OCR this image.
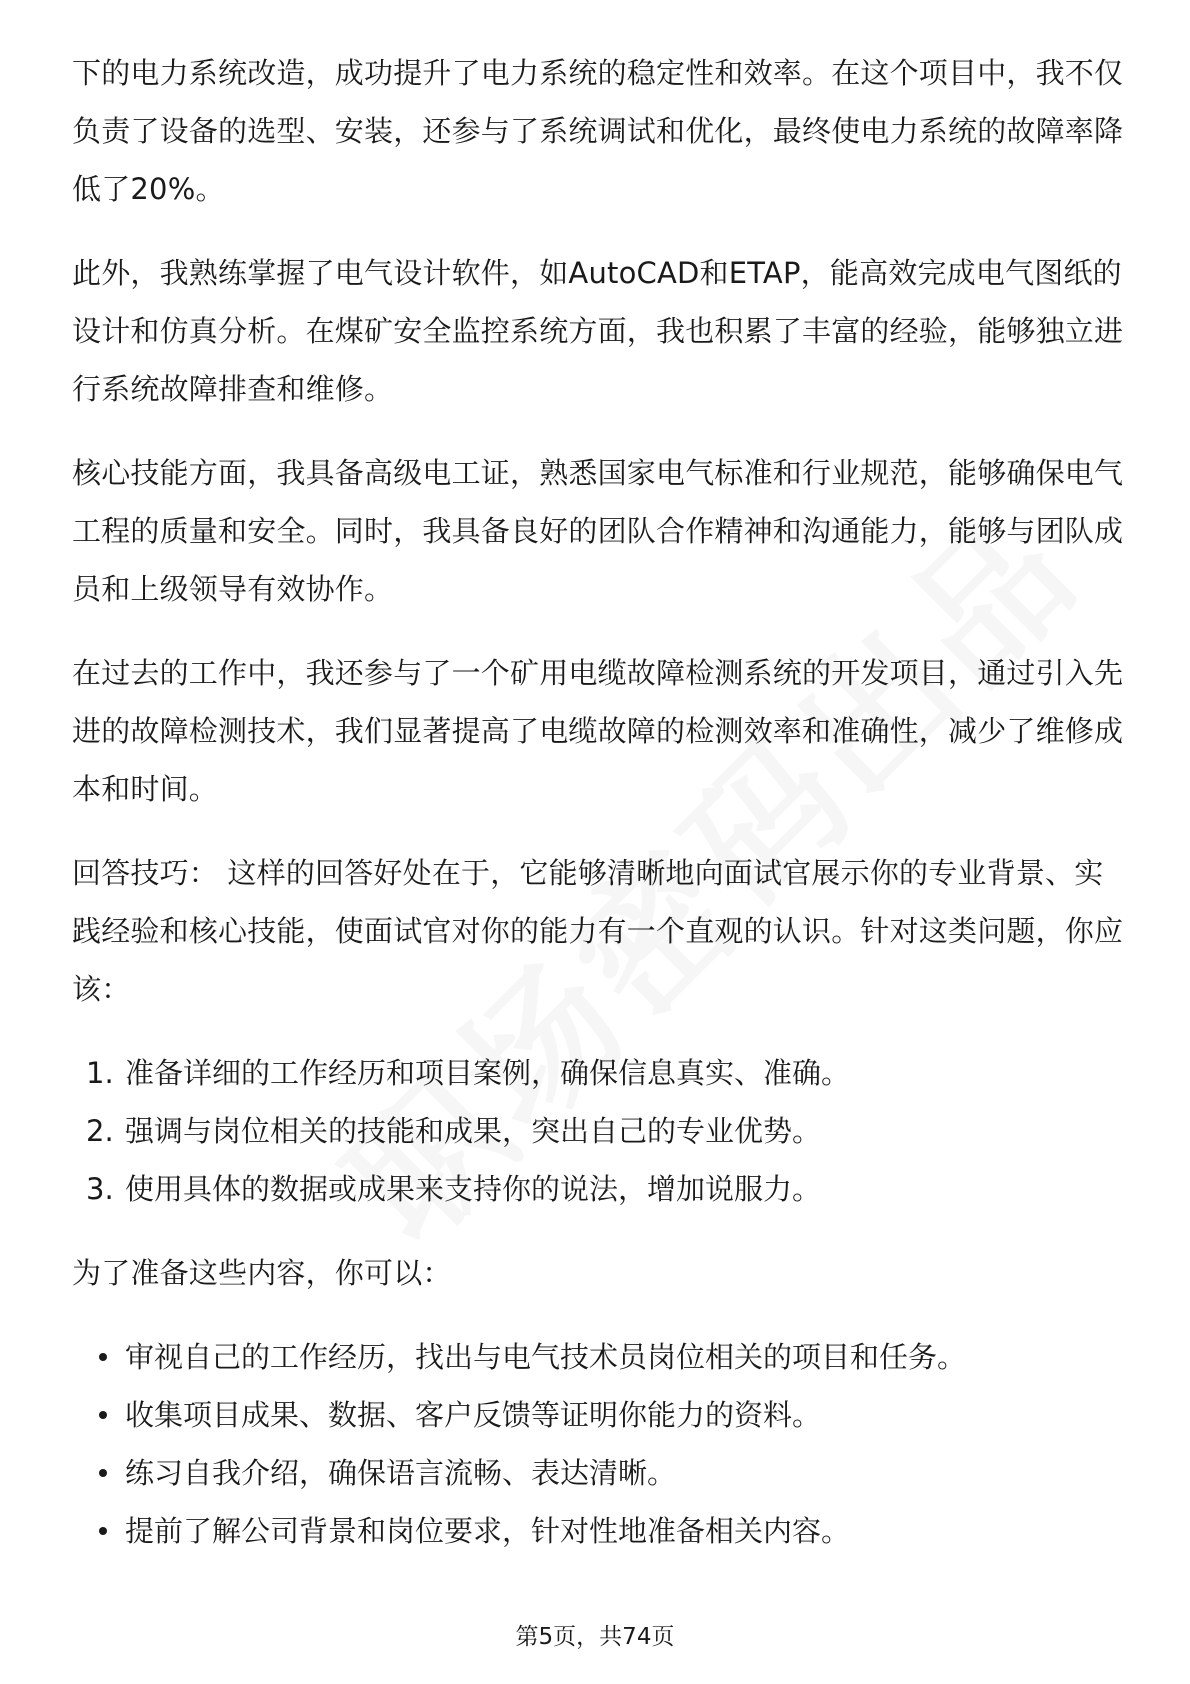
下的电力系统改造，成功提升了电力系统的稳定性和效率。在这个项目中，我不仅负责了设备的选型、安装，还参与了系统调试和优化，最终使电力系统的故障率降低了20%。

此外，我熟练掌握了电气设计软件，如AutoCAD和ETAP，能高效完成电气图纸的设计和仿真分析。在煤矿安全监控系统方面，我也积累了丰富的经验，能够独立进行系统故障排查和维修。

核心技能方面，我具备高级电工证，熟悉国家电气标准和行业规范，能够确保电气工程的质量和安全。同时，我具备良好的团队合作精神和沟通能力，能够与团队成员和上级领导有效协作。

在过去的工作中，我还参与了一个矿用电缆故障检测系统的开发项目，通过引入先进的故障检测技术，我们显著提高了电缆故障的检测效率和准确性，减少了维修成本和时间。

回答技巧： 这样的回答好处在于，它能够清晰地向面试官展示你的专业背景、实践经验和核心技能，使面试官对你的能力有一个直观的认识。针对这类问题，你应该：

1. 准备详细的工作经历和项目案例，确保信息真实、准确。
2. 强调与岗位相关的技能和成果，突出自己的专业优势。
3. 使用具体的数据或成果来支持你的说法，增加说服力。

为了准备这些内容，你可以：

审视自己的工作经历，找出与电气技术员岗位相关的项目和任务。
收集项目成果、数据、客户反馈等证明你能力的资料。
练习自我介绍，确保语言流畅、表达清晰。
提前了解公司背景和岗位要求，针对性地准备相关内容。
第5页，共74页
